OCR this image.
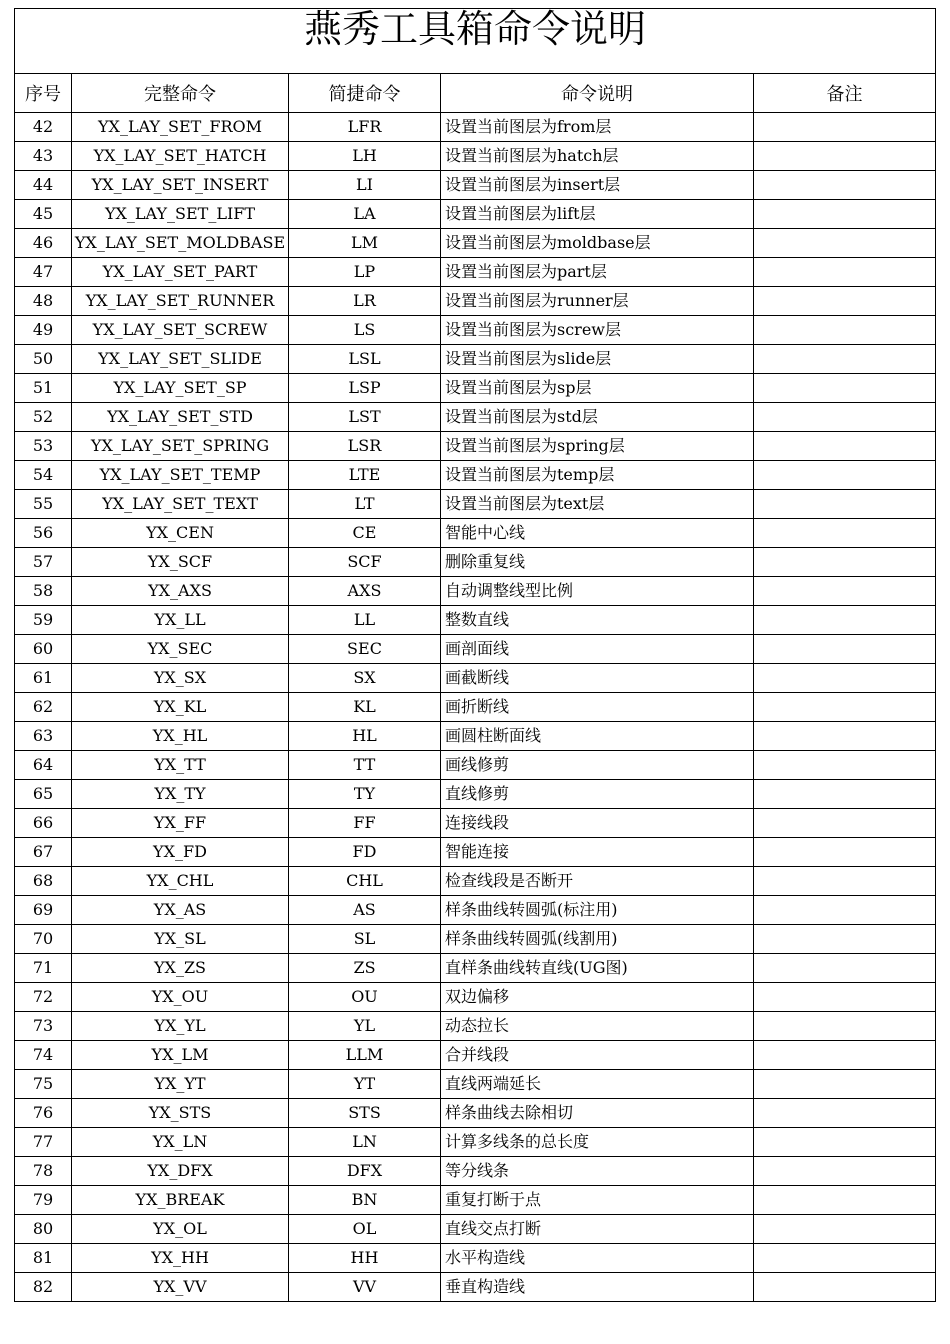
燕秀工具箱命令说明				
序号	完整命令	简捷命令	命令说明	备注
42	YX_LAY_SET_FROM	LFR	设置当前图层为from层	
43	YX_LAY_SET_HATCH	LH	设置当前图层为hatch层	
44	YX_LAY_SET_INSERT	LI	设置当前图层为insert层	
45	YX_LAY_SET_LIFT	LA	设置当前图层为lift层	
46	YX_LAY_SET_MOLDBASE	LM	设置当前图层为moldbase层	
47	YX_LAY_SET_PART	LP	设置当前图层为part层	
48	YX_LAY_SET_RUNNER	LR	设置当前图层为runner层	
49	YX_LAY_SET_SCREW	LS	设置当前图层为screw层	
50	YX_LAY_SET_SLIDE	LSL	设置当前图层为slide层	
51	YX_LAY_SET_SP	LSP	设置当前图层为sp层	
52	YX_LAY_SET_STD	LST	设置当前图层为std层	
53	YX_LAY_SET_SPRING	LSR	设置当前图层为spring层	
54	YX_LAY_SET_TEMP	LTE	设置当前图层为temp层	
55	YX_LAY_SET_TEXT	LT	设置当前图层为text层	
56	YX_CEN	CE	智能中心线	
57	YX_SCF	SCF	删除重复线	
58	YX_AXS	AXS	自动调整线型比例	
59	YX_LL	LL	整数直线	
60	YX_SEC	SEC	画剖面线	
61	YX_SX	SX	画截断线	
62	YX_KL	KL	画折断线	
63	YX_HL	HL	画圆柱断面线	
64	YX_TT	TT	画线修剪	
65	YX_TY	TY	直线修剪	
66	YX_FF	FF	连接线段	
67	YX_FD	FD	智能连接	
68	YX_CHL	CHL	检查线段是否断开	
69	YX_AS	AS	样条曲线转圆弧(标注用)	
70	YX_SL	SL	样条曲线转圆弧(线割用)	
71	YX_ZS	ZS	直样条曲线转直线(UG图)	
72	YX_OU	OU	双边偏移	
73	YX_YL	YL	动态拉长	
74	YX_LM	LLM	合并线段	
75	YX_YT	YT	直线两端延长	
76	YX_STS	STS	样条曲线去除相切	
77	YX_LN	LN	计算多线条的总长度	
78	YX_DFX	DFX	等分线条	
79	YX_BREAK	BN	重复打断于点	
80	YX_OL	OL	直线交点打断	
81	YX_HH	HH	水平构造线	
82	YX_VV	VV	垂直构造线	
